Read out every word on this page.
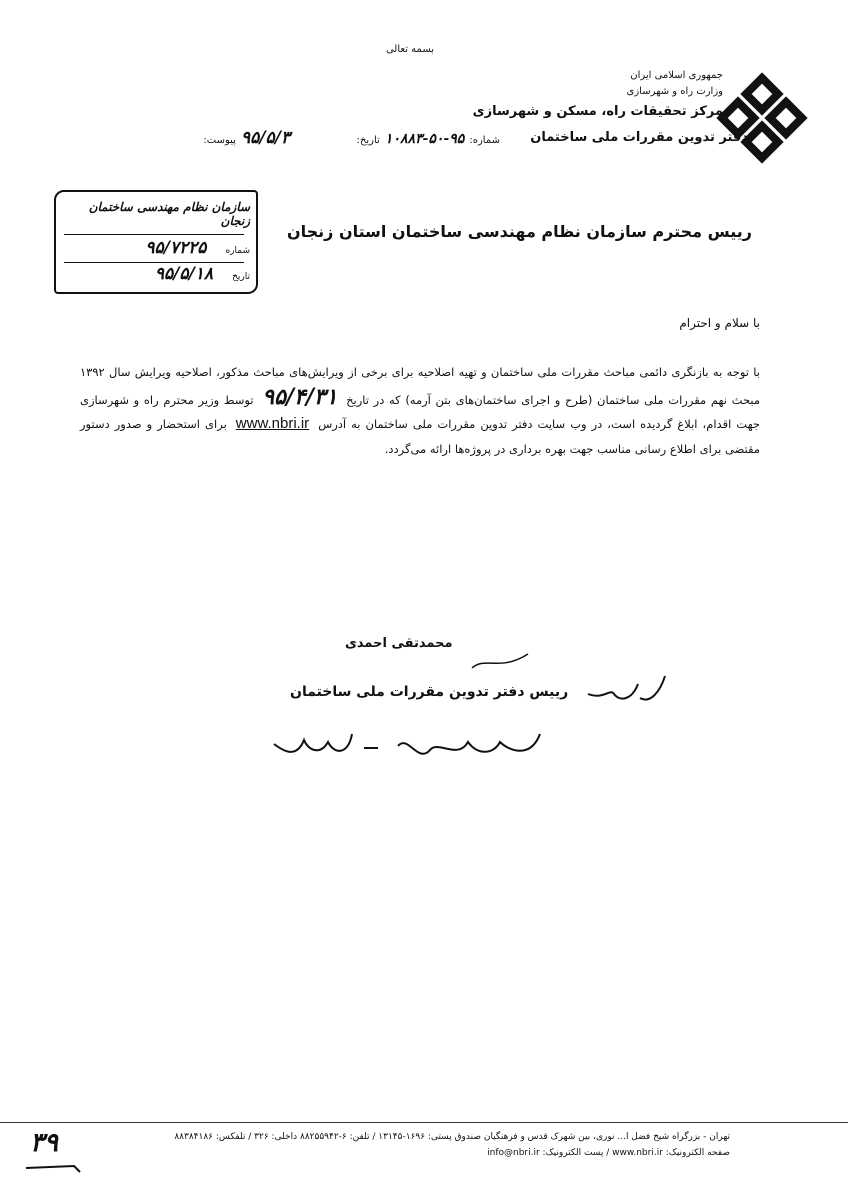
بسمه تعالی
جمهوری اسلامی ایران
وزارت راه و شهرسازی
مرکز تحقیقات راه، مسکن و شهرسازی
دفتر تدوین مقررات ملی ساختمان
شماره: ۹۵-۵۰-۱۰۸۸۳ تاریخ:
۹۵/۵/۳ پیوست:
سازمان نظام مهندسی ساختمان زنجان
شماره ۹۵/۷۲۲۵
تاریخ ۹۵/۵/۱۸
رییس محترم سازمان نظام مهندسی ساختمان استان زنجان
با سلام و احترام
با توجه به بازنگری دائمی مباحث مقررات ملی ساختمان و تهیه اصلاحیه برای برخی از ویرایش‌های مباحث مذکور، اصلاحیه ویرایش سال ۱۳۹۲ مبحث نهم مقررات ملی ساختمان (طرح و اجرای ساختمان‌های بتن آرمه) که در تاریخ ۹۵/۴/۳۱ توسط وزیر محترم راه و شهرسازی جهت اقدام، ابلاغ گردیده است، در وب سایت دفتر تدوین مقررات ملی ساختمان به آدرس www.nbri.ir برای استحضار و صدور دستور مقتضی برای اطلاع رسانی مناسب جهت بهره برداری در پروژه‌ها ارائه می‌گردد.
محمدتقی احمدی
رییس دفتر تدوین مقررات ملی ساختمان
تهران - بزرگراه شیخ فضل ا... نوری، بین شهرک قدس و فرهنگیان صندوق پستی: ۱۶۹۶-۱۳۱۴۵ / تلفن: ۶-۸۸۲۵۵۹۴۲ داخلی: ۳۲۶ / تلفکس: ۸۸۳۸۴۱۸۶
صفحه الکترونیک: www.nbri.ir / پست الکترونیک: info@nbri.ir
۳۹
